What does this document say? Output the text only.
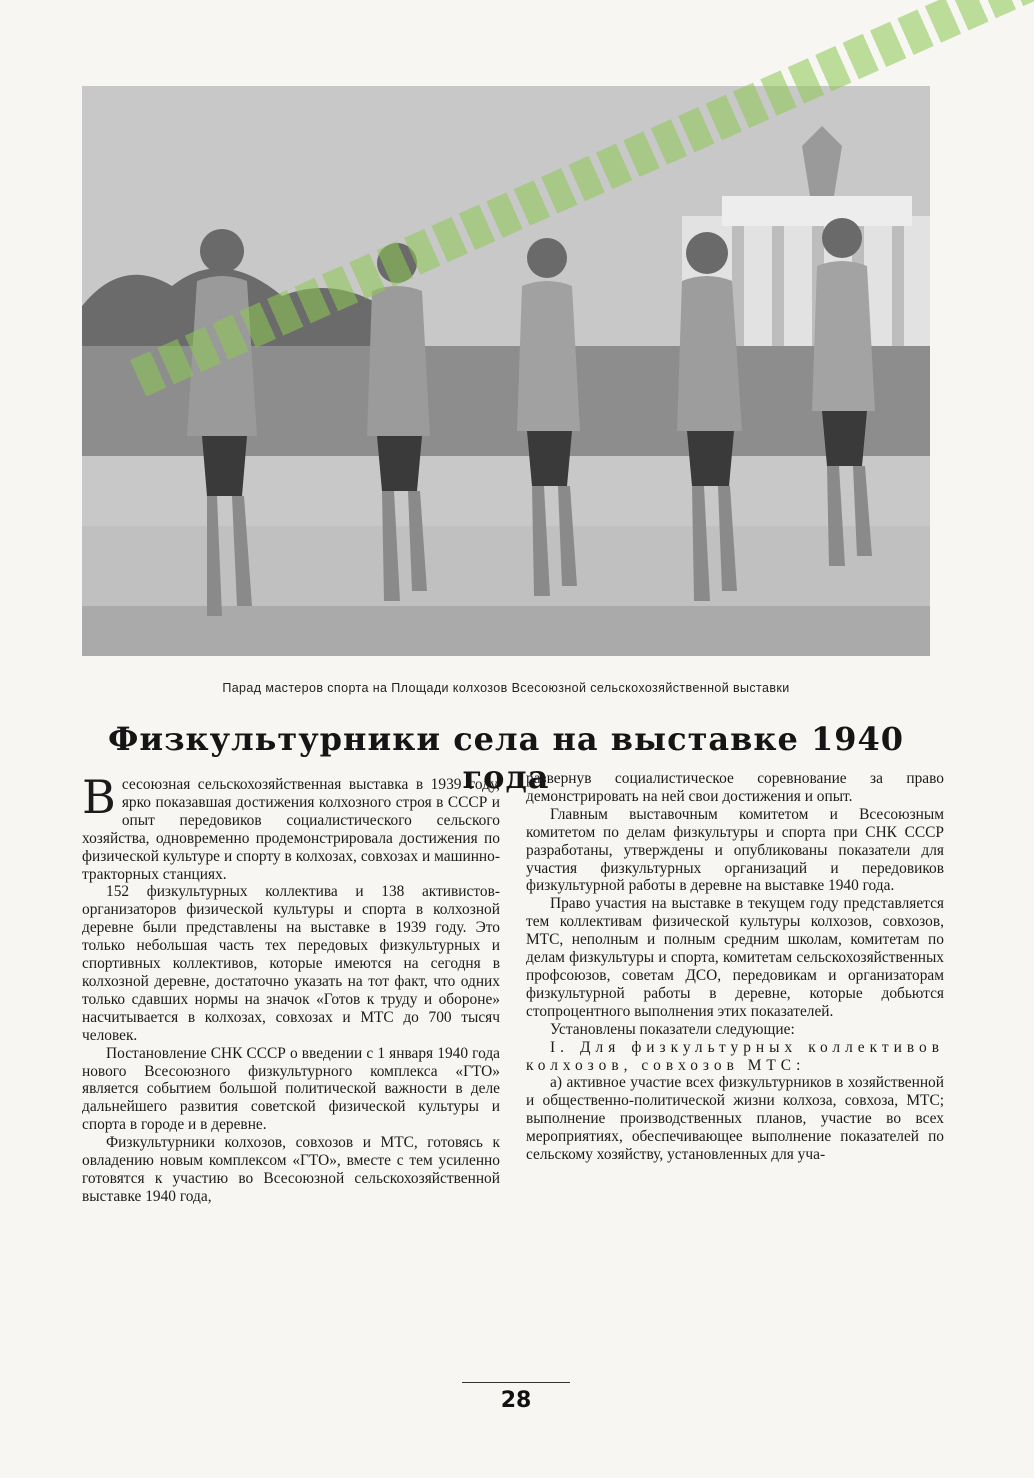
Парад мастеров спорта на Площади колхозов Всесоюзной сельскохозяйственной выставки
Физкультурники села на выставке 1940 года

Всесоюзная сельскохозяйственная выставка в 1939 году, ярко показавшая достижения колхозного строя в СССР и опыт передовиков социалистического сельского хозяйства, одновременно продемонстрировала достижения по физической культуре и спорту в колхозах, совхозах и машинно-тракторных станциях.

152 физкультурных коллектива и 138 активистов-организаторов физической культуры и спорта в колхозной деревне были представлены на выставке в 1939 году. Это только небольшая часть тех передовых физкультурных и спортивных коллективов, которые имеются на сегодня в колхозной деревне, достаточно указать на тот факт, что одних только сдавших нормы на значок «Готов к труду и обороне» насчитывается в колхозах, совхозах и МТС до 700 тысяч человек.

Постановление СНК СССР о введении с 1 января 1940 года нового Всесоюзного физкультурного комплекса «ГТО» является событием большой политической важности в деле дальнейшего развития советской физической культуры и спорта в городе и в деревне.

Физкультурники колхозов, совхозов и МТС, готовясь к овладению новым комплексом «ГТО», вместе с тем усиленно готовятся к участию во Всесоюзной сельскохозяйственной выставке 1940 года,

развернув социалистическое соревнование за право демонстрировать на ней свои достижения и опыт.

Главным выставочным комитетом и Всесоюзным комитетом по делам физкультуры и спорта при СНК СССР разработаны, утверждены и опубликованы показатели для участия физкультурных организаций и передовиков физкультурной работы в деревне на выставке 1940 года.

Право участия на выставке в текущем году представляется тем коллективам физической культуры колхозов, совхозов, МТС, неполным и полным средним школам, комитетам по делам физкультуры и спорта, комитетам сельскохозяйственных профсоюзов, советам ДСО, передовикам и организаторам физкультурной работы в деревне, которые добьются стопроцентного выполнения этих показателей.

Установлены показатели следующие:

I. Для физкультурных коллективов колхозов, совхозов МТС:

а) активное участие всех физкультурников в хозяйственной и общественно-политической жизни колхоза, совхоза, МТС; выполнение производственных планов, участие во всех мероприятиях, обеспечивающее выполнение показателей по сельскому хозяйству, установленных для уча-

28
